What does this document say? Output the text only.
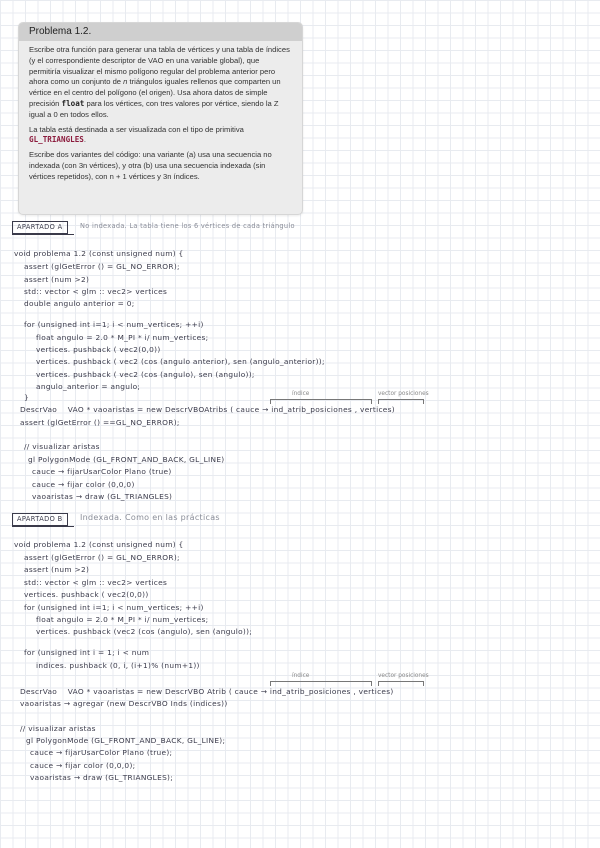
Problema 1.2.

Escribe otra función para generar una tabla de vértices y una tabla de índices (y el correspondiente descriptor de VAO en una variable global), que permitiría visualizar el mismo polígono regular del problema anterior pero ahora como un conjunto de n triángulos iguales rellenos que comparten un vértice en el centro del polígono (el origen). Usa ahora datos de simple precisión float para los vértices, con tres valores por vértice, siendo la Z igual a 0 en todos ellos.

La tabla está destinada a ser visualizada con el tipo de primitiva GL_TRIANGLES.

Escribe dos variantes del código: una variante (a) usa una secuencia no indexada (con 3n vértices), y otra (b) usa una secuencia indexada (sin vértices repetidos), con n + 1 vértices y 3n índices.

APARTADO A	No indexada. La tabla tiene los 6 vértices de cada triángulo
void problema 1.2 (const unsigned num) {
assert (glGetError () = GL_NO_ERROR);
assert (num >2)
std:: vector < glm :: vec2> vertices
double angulo anterior = 0;
for (unsigned int i=1; i < num_vertices; ++i)
float angulo = 2.0 * M_PI * i/ num_vertices;
vertices. pushback ( vec2(0,0))
vertices. pushback ( vec2 (cos (angulo anterior), sen (angulo_anterior));
vertices. pushback ( vec2 (cos (angulo), sen (angulo));
angulo_anterior = angulo;
}	índice	vector posiciones
DescrVao    VAO * vaoaristas = new DescrVBOAtribs ( cauce → ind_atrib_posiciones , vertices)
assert (glGetError () ==GL_NO_ERROR);
// visualizar aristas
gl PolygonMode (GL_FRONT_AND_BACK, GL_LINE)
cauce → fijarUsarColor Plano (true)
cauce → fijar color (0,0,0)
vaoaristas → draw (GL_TRIANGLES)
APARTADO B	Indexada. Como en las prácticas
void problema 1.2 (const unsigned num) {
assert (glGetError () = GL_NO_ERROR);
assert (num >2)
std:: vector < glm :: vec2> vertices
vertices. pushback ( vec2(0,0))
for (unsigned int i=1; i < num_vertices; ++i)
float angulo = 2.0 * M_PI * i/ num_vertices;
vertices. pushback (vec2 (cos (angulo), sen (angulo));
for (unsigned int i = 1; i < num
indices. pushback (0, i, (i+1)% (num+1))
índice	vector posiciones
DescrVao    VAO * vaoaristas = new DescrVBO Atrib ( cauce → ind_atrib_posiciones , vertices)
vaoaristas → agregar (new DescrVBO Inds (indices))
// visualizar aristas
gl PolygonMode (GL_FRONT_AND_BACK, GL_LINE);
cauce → fijarUsarColor Plano (true);
cauce → fijar color (0,0,0);
vaoaristas → draw (GL_TRIANGLES);
